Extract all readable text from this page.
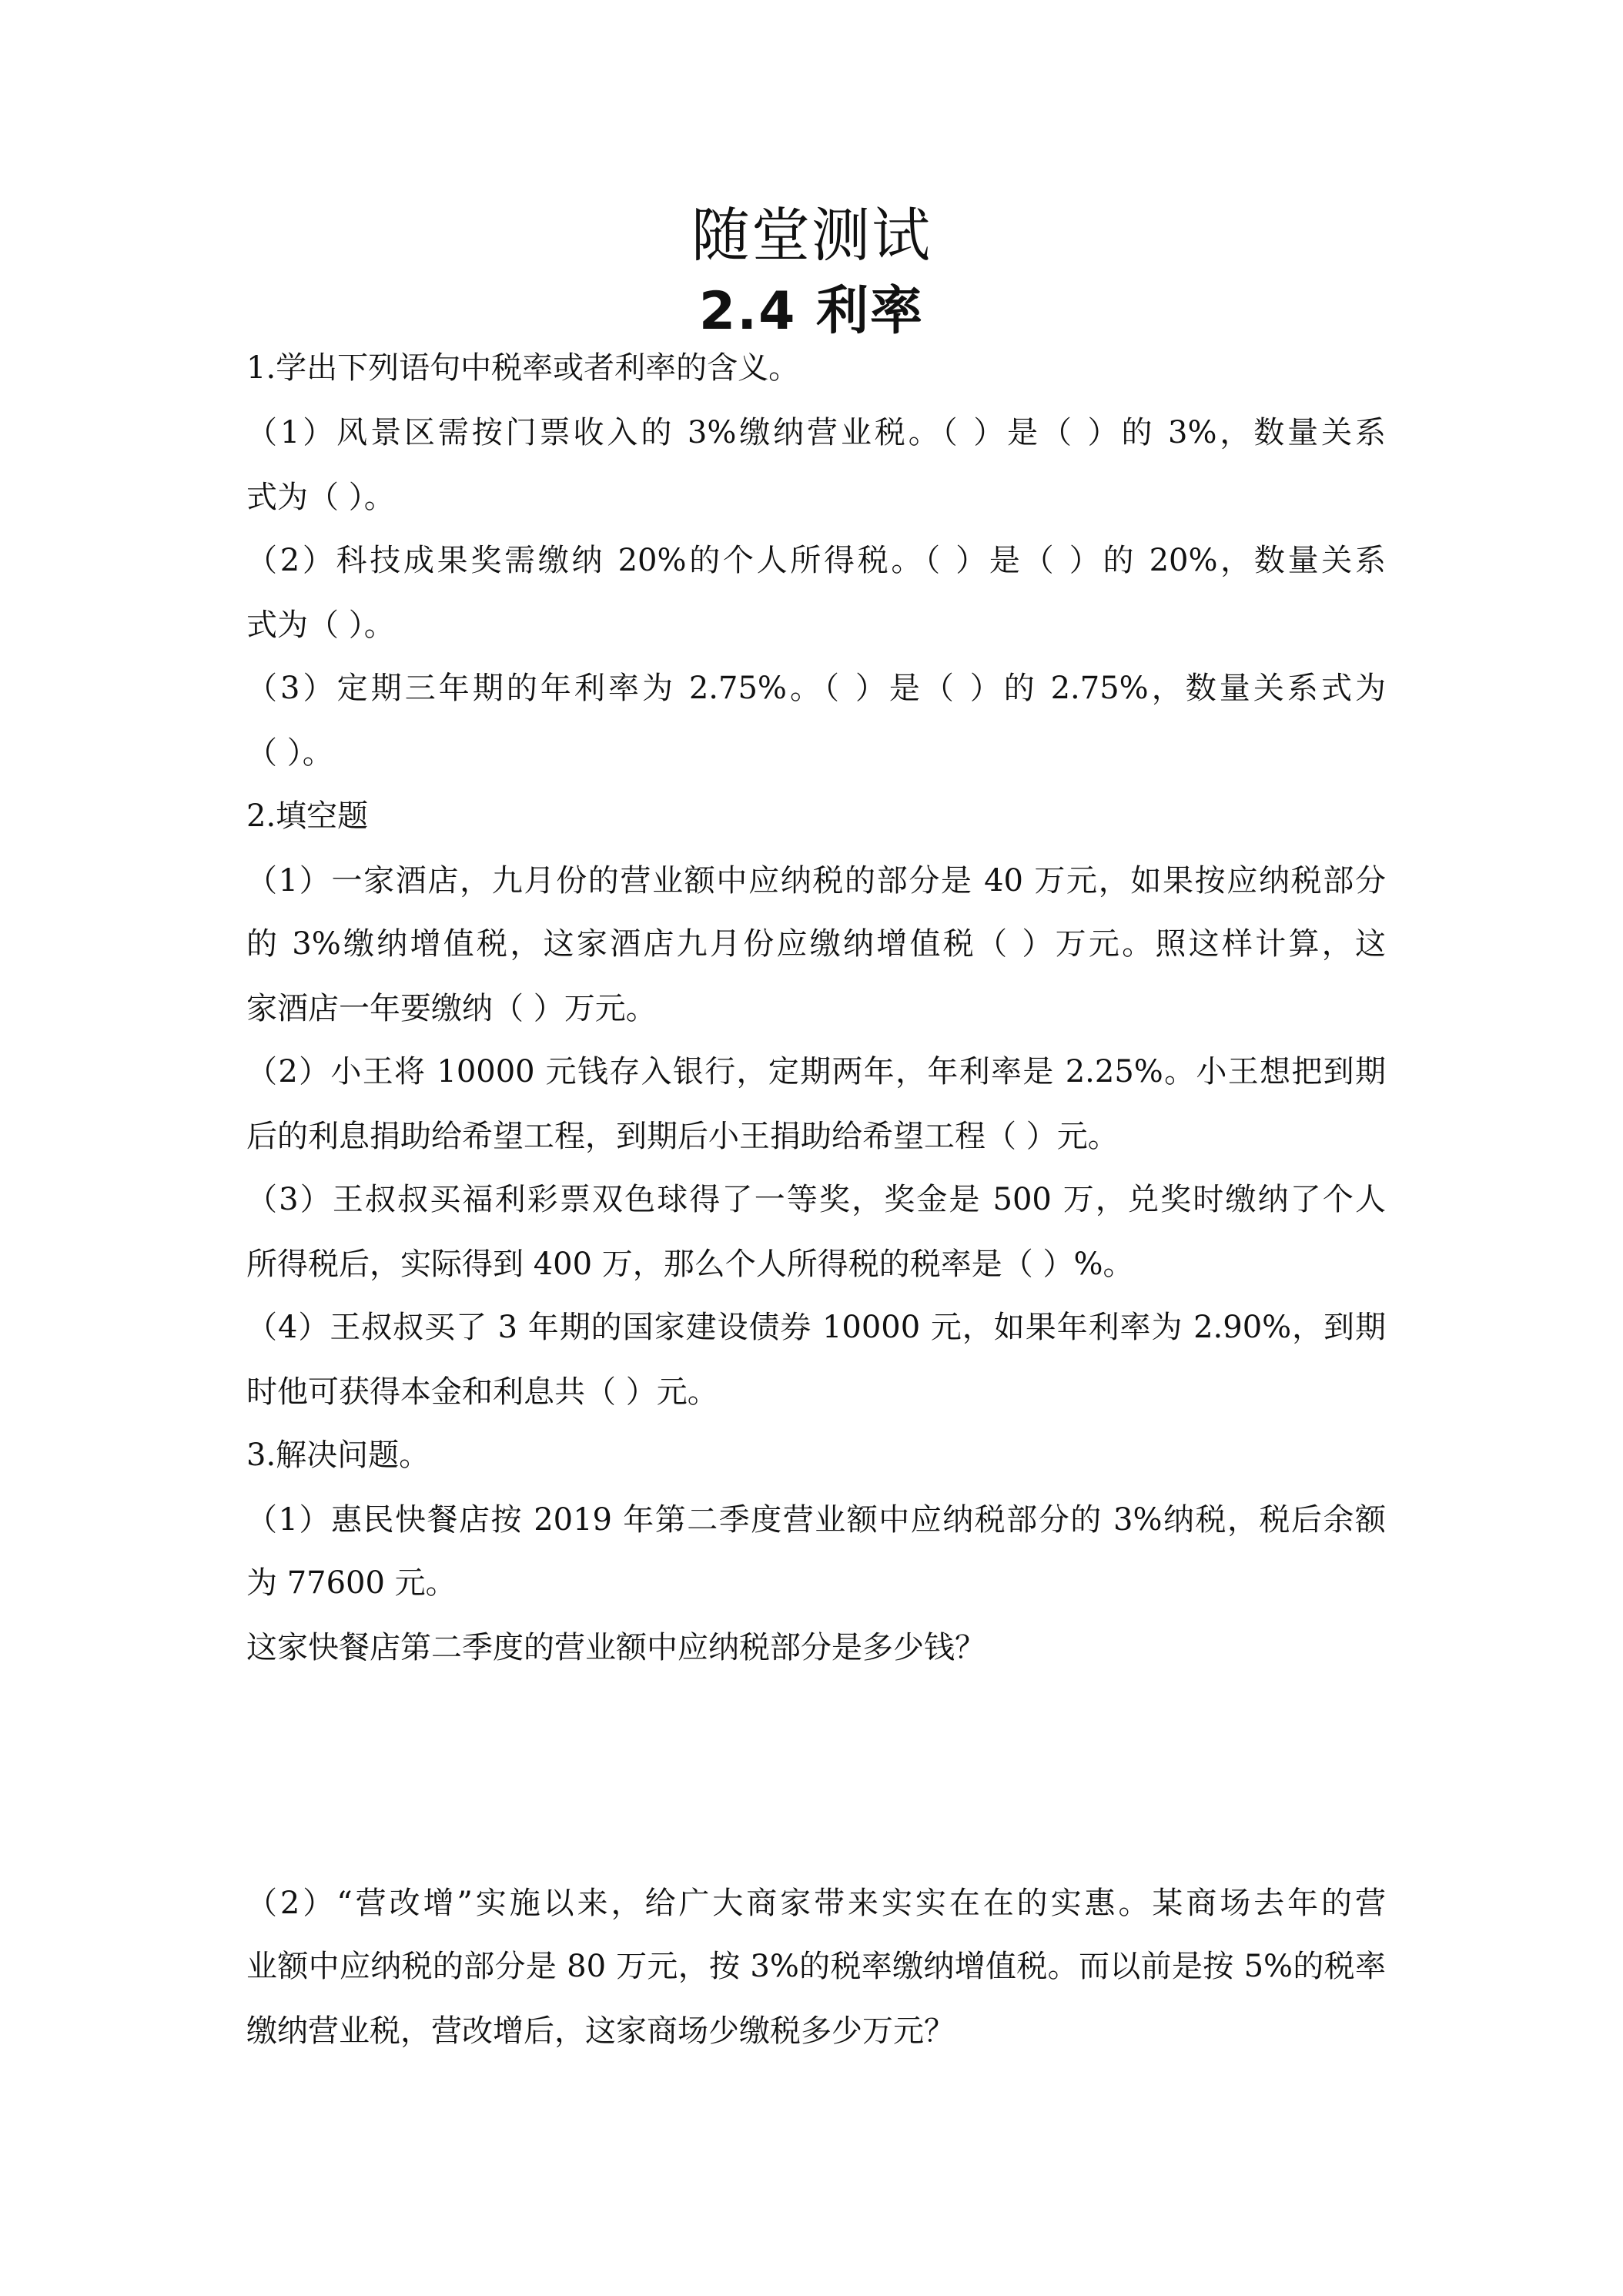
随堂测试
2.4 利率
1.学出下列语句中税率或者利率的含义。
（1）风景区需按门票收入的 3%缴纳营业税。（ ）是（ ）的 3%，数量关系
式为（ ）。
（2）科技成果奖需缴纳 20%的个人所得税。（ ）是（ ）的 20%，数量关系
式为（ ）。
（3）定期三年期的年利率为 2.75%。（ ）是（ ）的 2.75%，数量关系式为
（ ）。
2.填空题
（1）一家酒店，九月份的营业额中应纳税的部分是 40 万元，如果按应纳税部分
的 3%缴纳增值税，这家酒店九月份应缴纳增值税（ ）万元。照这样计算，这
家酒店一年要缴纳（ ）万元。
（2）小王将 10000 元钱存入银行，定期两年，年利率是 2.25%。小王想把到期
后的利息捐助给希望工程，到期后小王捐助给希望工程（ ）元。
（3）王叔叔买福利彩票双色球得了一等奖，奖金是 500 万，兑奖时缴纳了个人
所得税后，实际得到 400 万，那么个人所得税的税率是（ ）%。
（4）王叔叔买了 3 年期的国家建设债券 10000 元，如果年利率为 2.90%，到期
时他可获得本金和利息共（ ）元。
3.解决问题。
（1）惠民快餐店按 2019 年第二季度营业额中应纳税部分的 3%纳税，税后余额
为 77600 元。
这家快餐店第二季度的营业额中应纳税部分是多少钱？
（2）“营改增”实施以来，给广大商家带来实实在在的实惠。某商场去年的营
业额中应纳税的部分是 80 万元，按 3%的税率缴纳增值税。而以前是按 5%的税率
缴纳营业税，营改增后，这家商场少缴税多少万元？
